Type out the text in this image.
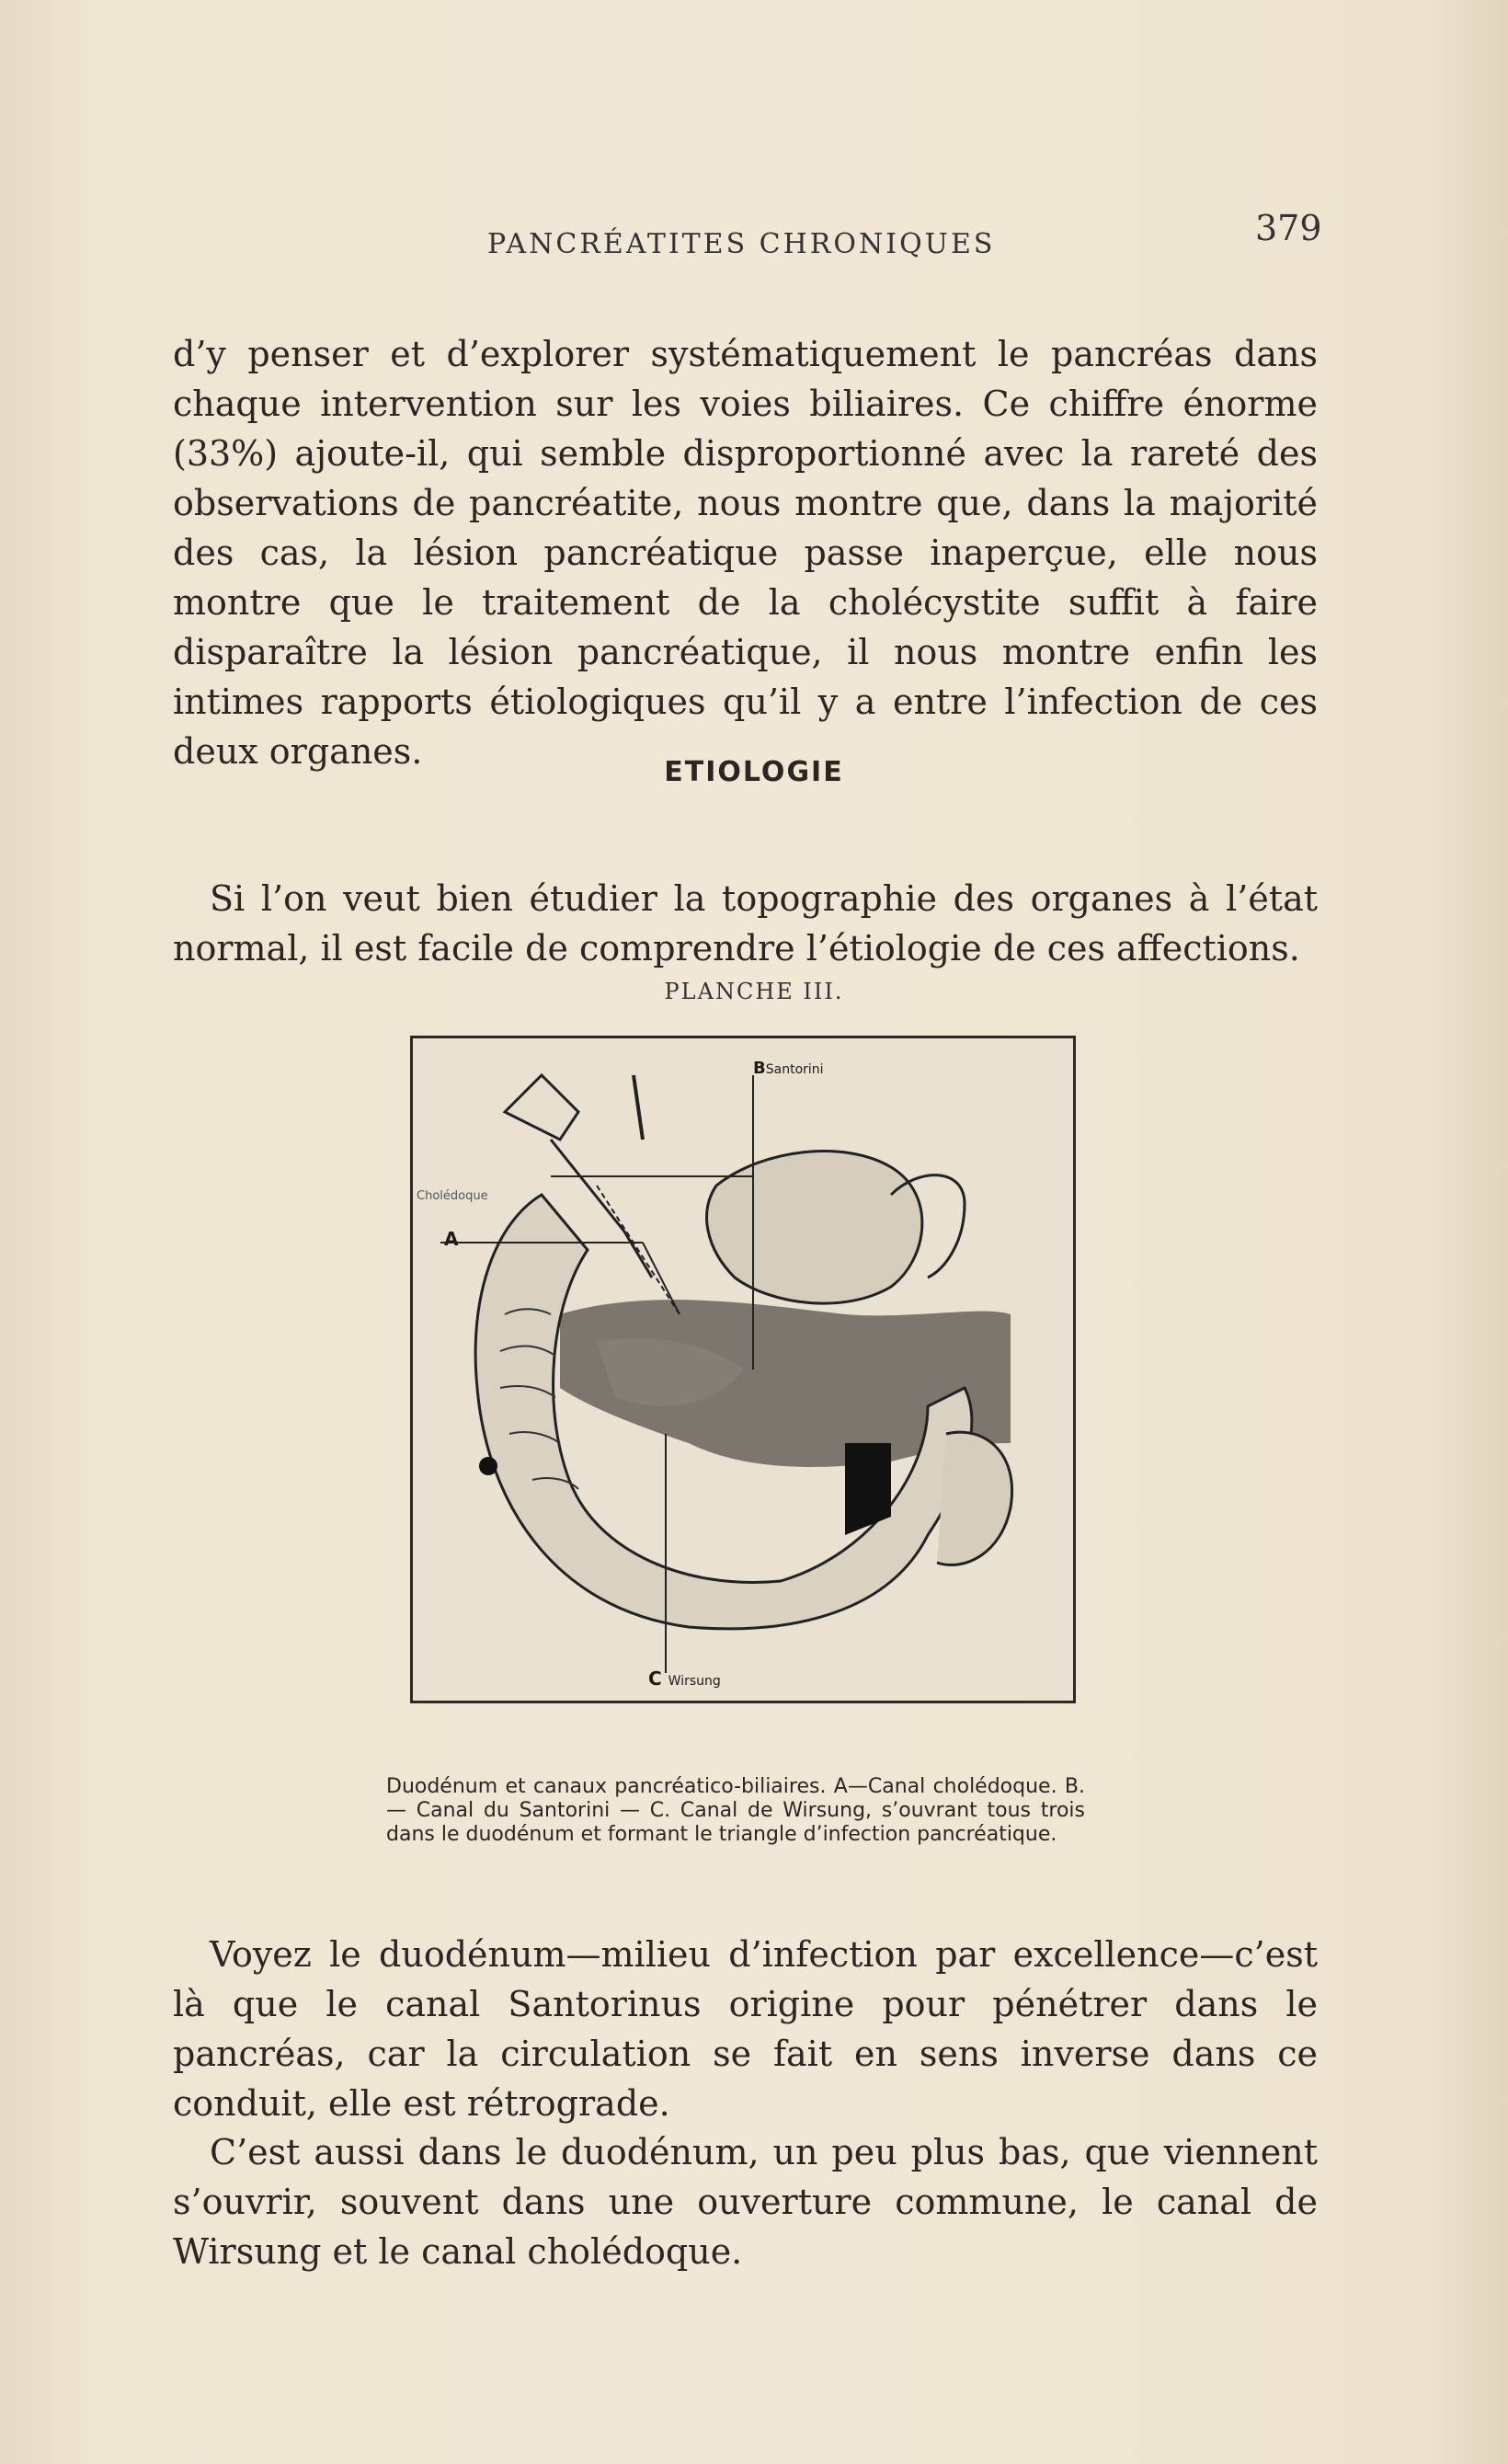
PANCRÉATITES CHRONIQUES	379

d’y penser et d’explorer systématiquement le pancréas dans chaque intervention sur les voies biliaires. Ce chiffre énorme (33%) ajoute-il, qui semble disproportionné avec la rareté des observations de pancréatite, nous montre que, dans la majorité des cas, la lésion pancréatique passe inaperçue, elle nous montre que le traitement de la cholécystite suffit à faire disparaître la lésion pancréatique, il nous montre enfin les intimes rapports étiologiques qu’il y a entre l’infection de ces deux organes.

ETIOLOGIE

Si l’on veut bien étudier la topographie des organes à l’état normal, il est facile de comprendre l’étiologie de ces affections.

PLANCHE III.
BSantorini
Cholédoque
A
C Wirsung

Duodénum et canaux pancréatico-biliaires. A—Canal cholédoque. B. — Canal du Santorini — C. Canal de Wirsung, s’ouvrant tous trois dans le duodénum et formant le triangle d’infection pancréatique.

Voyez le duodénum—milieu d’infection par excellence—c’est là que le canal Santorinus origine pour pénétrer dans le pancréas, car la circulation se fait en sens inverse dans ce conduit, elle est rétrograde.

C’est aussi dans le duodénum, un peu plus bas, que viennent s’ouvrir, souvent dans une ouverture commune, le canal de Wirsung et le canal cholédoque.
